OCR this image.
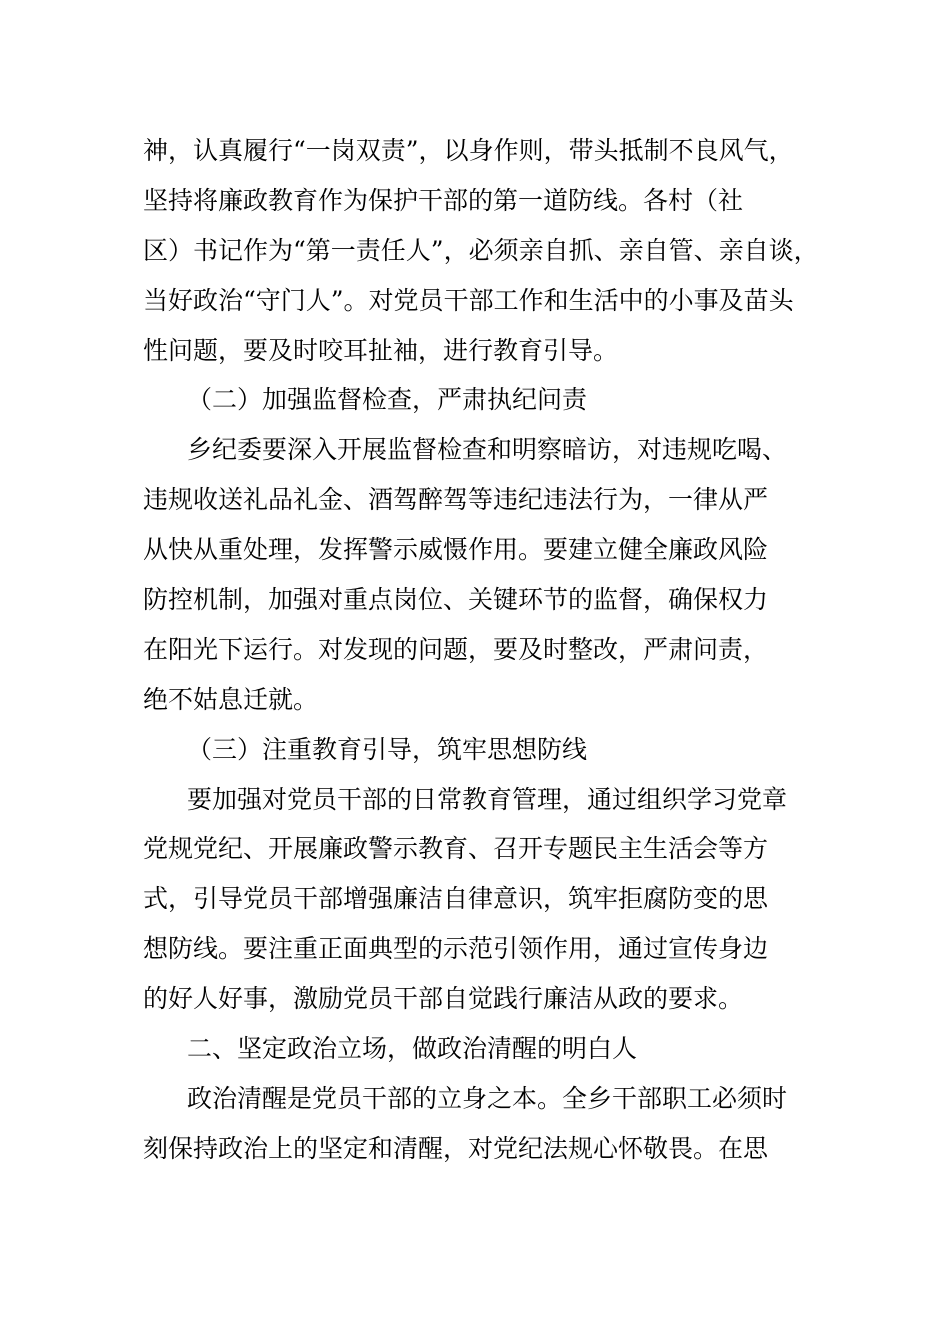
神，认真履行“一岗双责”，以身作则，带头抵制不良风气，
坚持将廉政教育作为保护干部的第一道防线。各村（社
区）书记作为“第一责任人”，必须亲自抓、亲自管、亲自谈，
当好政治“守门人”。对党员干部工作和生活中的小事及苗头
性问题，要及时咬耳扯袖，进行教育引导。
（二）加强监督检查，严肃执纪问责
乡纪委要深入开展监督检查和明察暗访，对违规吃喝、
违规收送礼品礼金、酒驾醉驾等违纪违法行为，一律从严
从快从重处理，发挥警示威慑作用。要建立健全廉政风险
防控机制，加强对重点岗位、关键环节的监督，确保权力
在阳光下运行。对发现的问题，要及时整改，严肃问责，
绝不姑息迁就。
（三）注重教育引导，筑牢思想防线
要加强对党员干部的日常教育管理，通过组织学习党章
党规党纪、开展廉政警示教育、召开专题民主生活会等方
式，引导党员干部增强廉洁自律意识，筑牢拒腐防变的思
想防线。要注重正面典型的示范引领作用，通过宣传身边
的好人好事，激励党员干部自觉践行廉洁从政的要求。
二、坚定政治立场，做政治清醒的明白人
政治清醒是党员干部的立身之本。全乡干部职工必须时
刻保持政治上的坚定和清醒，对党纪法规心怀敬畏。在思
